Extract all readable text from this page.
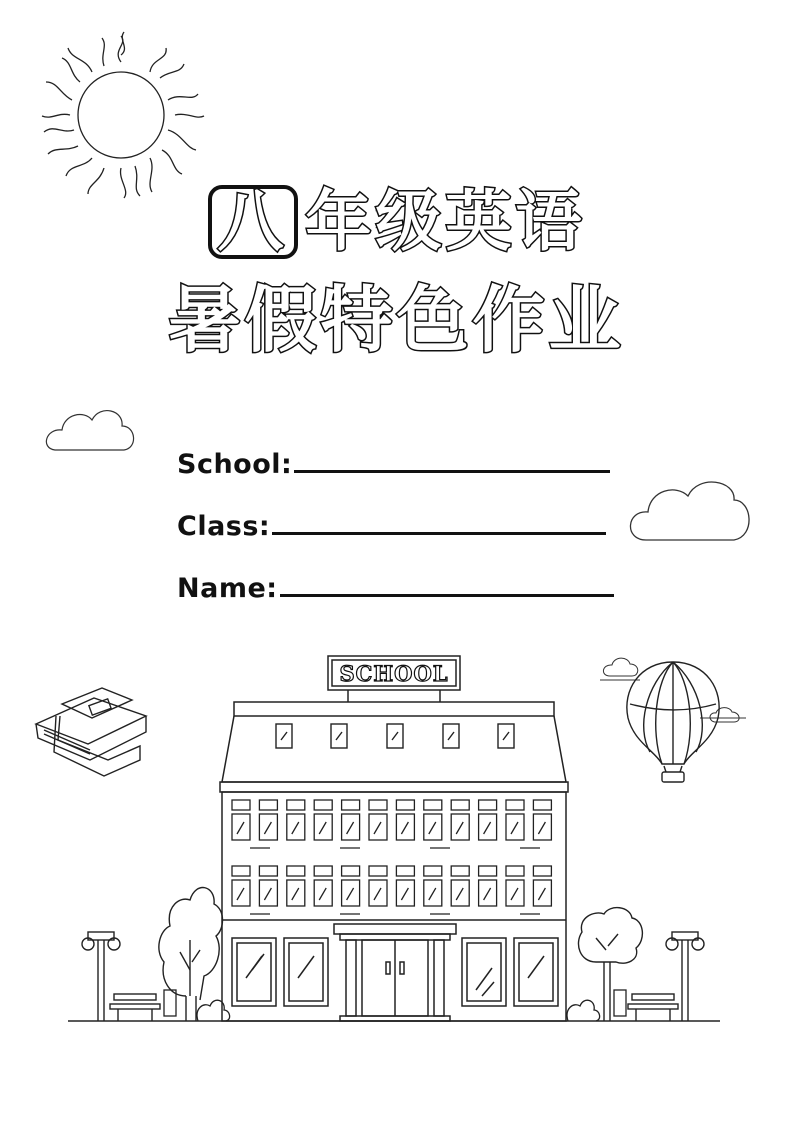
SCHOOL
八 年级英语
暑假特色作业
School:
Class:
Name:
